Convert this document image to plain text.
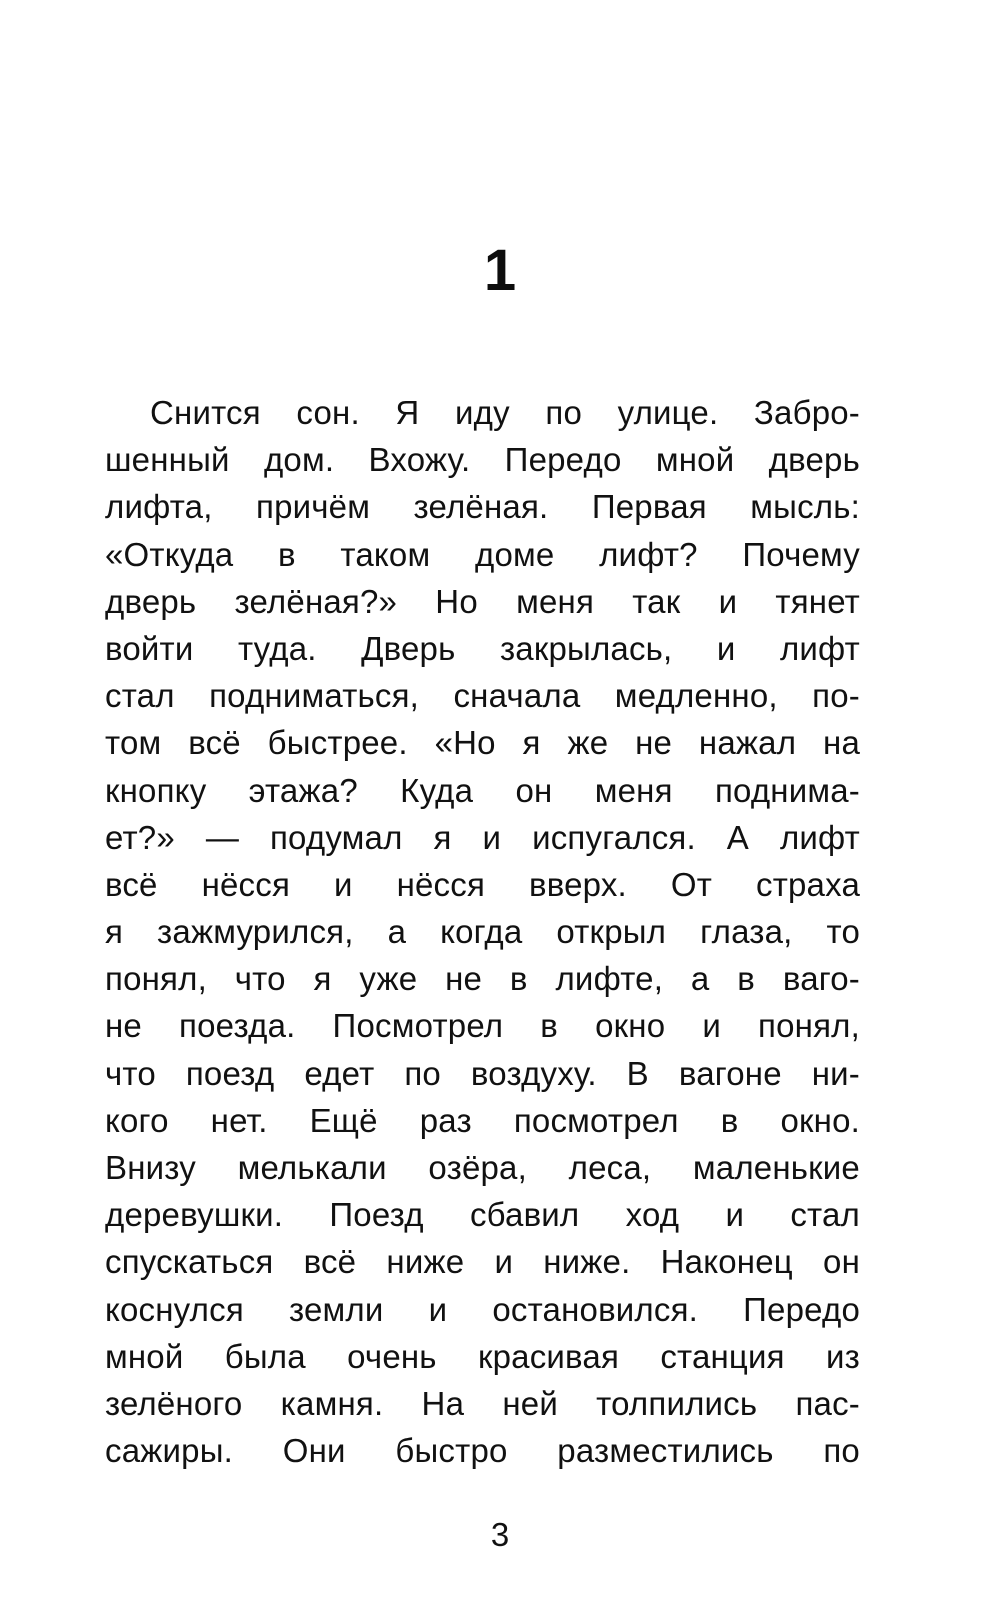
1
Снится сон. Я иду по улице. Забро-
шенный дом. Вхожу. Передо мной дверь
лифта, причём зелёная. Первая мысль:
«Откуда в таком доме лифт? Почему
дверь зелёная?» Но меня так и тянет
войти туда. Дверь закрылась, и лифт
стал подниматься, сначала медленно, по-
том всё быстрее. «Но я же не нажал на
кнопку этажа? Куда он меня поднима-
ет?» — подумал я и испугался. А лифт
всё нёсся и нёсся вверх. От страха
я зажмурился, а когда открыл глаза, то
понял, что я уже не в лифте, а в ваго-
не поезда. Посмотрел в окно и понял,
что поезд едет по воздуху. В вагоне ни-
кого нет. Ещё раз посмотрел в окно.
Внизу мелькали озёра, леса, маленькие
деревушки. Поезд сбавил ход и стал
спускаться всё ниже и ниже. Наконец он
коснулся земли и остановился. Передо
мной была очень красивая станция из
зелёного камня. На ней толпились пас-
сажиры. Они быстро разместились по
3
